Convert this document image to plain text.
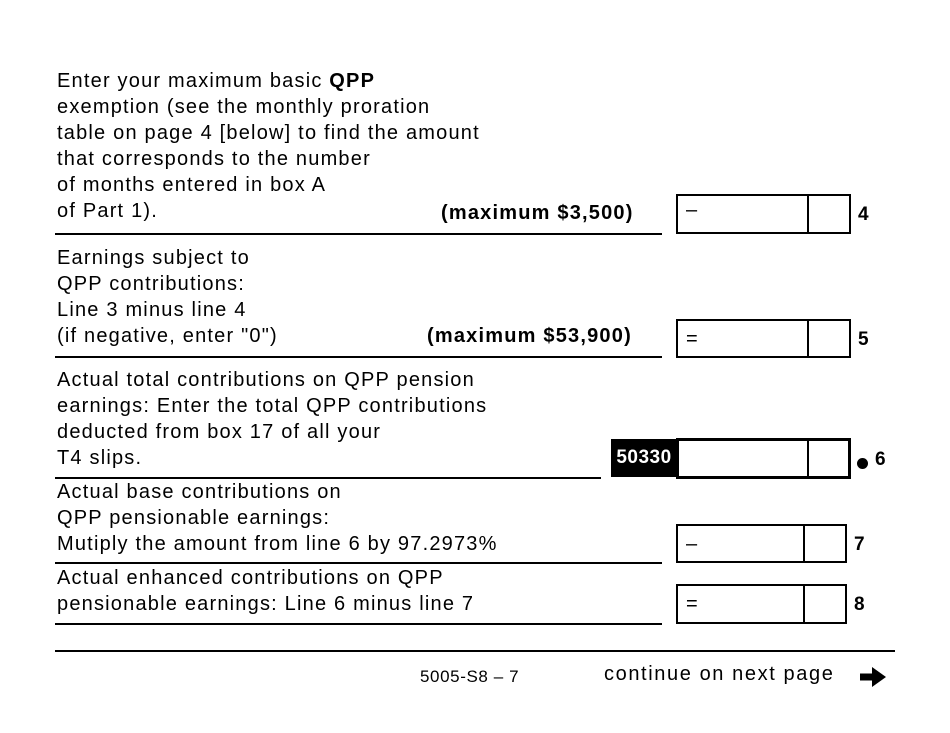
Enter your maximum basic QPP
exemption (see the monthly proration
table on page 4 [below] to find the amount
that corresponds to the number
of months entered in box A
of Part 1).	(maximum $3,500)	–	4
Earnings subject to
QPP contributions:
Line 3 minus line 4
(if negative, enter "0")	(maximum $53,900)	=	5
Actual total contributions on QPP pension
earnings: Enter the total QPP contributions
deducted from box 17 of all your
T4 slips.	50330	6
Actual base contributions on
QPP pensionable earnings:
Mutiply the amount from line 6 by 97.2973%	–	7
Actual enhanced contributions on QPP
pensionable earnings: Line 6 minus line 7	=	8
5005-S8 – 7	continue on next page
